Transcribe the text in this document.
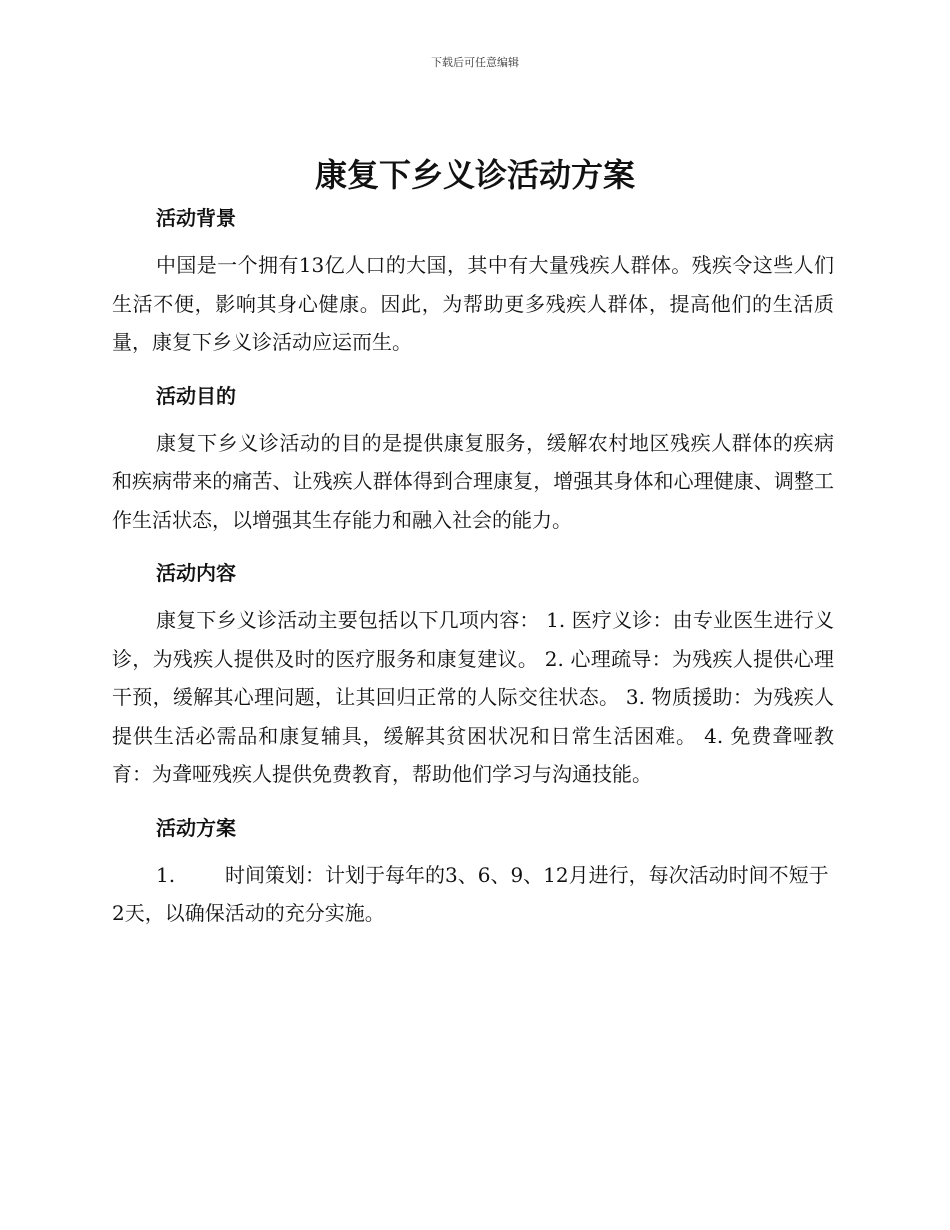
下载后可任意编辑
康复下乡义诊活动方案
活动背景

中国是一个拥有13亿人口的大国，其中有大量残疾人群体。残疾令这些人们生活不便，影响其身心健康。因此，为帮助更多残疾人群体，提高他们的生活质量，康复下乡义诊活动应运而生。

活动目的

康复下乡义诊活动的目的是提供康复服务，缓解农村地区残疾人群体的疾病和疾病带来的痛苦、让残疾人群体得到合理康复，增强其身体和心理健康、调整工作生活状态，以增强其生存能力和融入社会的能力。

活动内容

康复下乡义诊活动主要包括以下几项内容： 1. 医疗义诊：由专业医生进行义诊，为残疾人提供及时的医疗服务和康复建议。 2. 心理疏导：为残疾人提供心理干预，缓解其心理问题，让其回归正常的人际交往状态。 3. 物质援助：为残疾人提供生活必需品和康复辅具，缓解其贫困状况和日常生活困难。 4. 免费聋哑教育：为聋哑残疾人提供免费教育，帮助他们学习与沟通技能。

活动方案

1. 时间策划：计划于每年的3、6、9、12月进行，每次活动时间不短于2天，以确保活动的充分实施。
